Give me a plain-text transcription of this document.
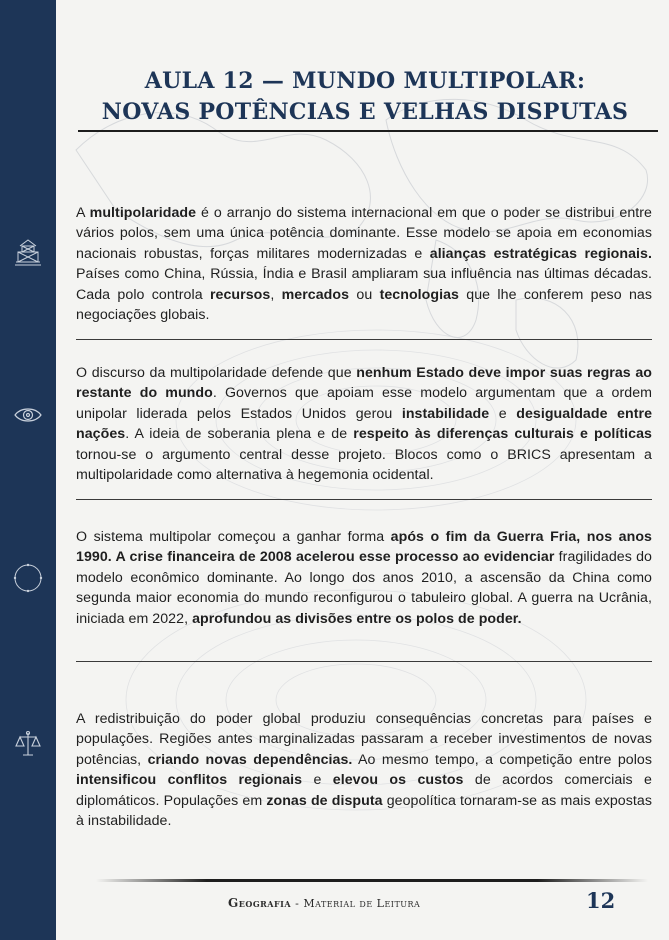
AULA 12 — MUNDO MULTIPOLAR:
NOVAS POTÊNCIAS E VELHAS DISPUTAS
A multipolaridade é o arranjo do sistema internacional em que o poder se distribui entre vários polos, sem uma única potência dominante. Esse modelo se apoia em economias nacionais robustas, forças militares modernizadas e alianças estratégicas regionais. Países como China, Rússia, Índia e Brasil ampliaram sua influência nas últimas décadas. Cada polo controla recursos, mercados ou tecnologias que lhe conferem peso nas negociações globais.
O discurso da multipolaridade defende que nenhum Estado deve impor suas regras ao restante do mundo. Governos que apoiam esse modelo argumentam que a ordem unipolar liderada pelos Estados Unidos gerou instabilidade e desigualdade entre nações. A ideia de soberania plena e de respeito às diferenças culturais e políticas tornou-se o argumento central desse projeto. Blocos como o BRICS apresentam a multipolaridade como alternativa à hegemonia ocidental.
O sistema multipolar começou a ganhar forma após o fim da Guerra Fria, nos anos 1990. A crise financeira de 2008 acelerou esse processo ao evidenciar fragilidades do modelo econômico dominante. Ao longo dos anos 2010, a ascensão da China como segunda maior economia do mundo reconfigurou o tabuleiro global. A guerra na Ucrânia, iniciada em 2022, aprofundou as divisões entre os polos de poder.
A redistribuição do poder global produziu consequências concretas para países e populações. Regiões antes marginalizadas passaram a receber investimentos de novas potências, criando novas dependências. Ao mesmo tempo, a competição entre polos intensificou conflitos regionais e elevou os custos de acordos comerciais e diplomáticos. Populações em zonas de disputa geopolítica tornaram-se as mais expostas à instabilidade.
Geografia - Material de Leitura	12
